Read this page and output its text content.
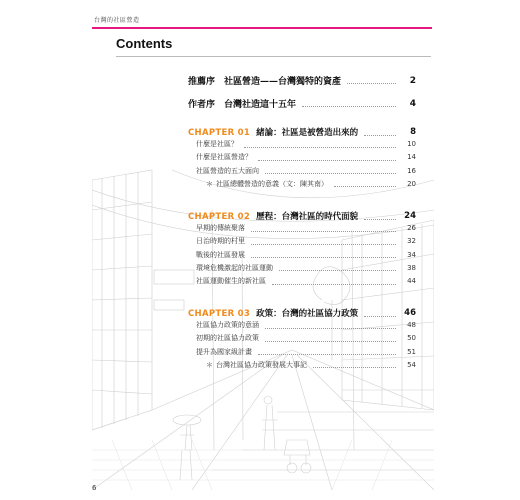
台灣的社區營造
Contents
推薦序　社區營造——台灣獨特的資產	2
作者序　台灣社造這十五年	4
CHAPTER 01 緒論：社區是被營造出來的	8
什麼是社區？	10
什麼是社區營造？	14
社區營造的五大面向	16
＊ 社區總體營造的意義（文：陳其南）	20
CHAPTER 02 歷程：台灣社區的時代面貌	24
早期的傳統聚落	26
日治時期的村里	32
戰後的社區發展	34
環境危機激起的社區運動	38
社區運動催生的新社區	44
CHAPTER 03 政策：台灣的社區協力政策	46
社區協力政策的意涵	48
初期的社區協力政策	50
提升為國家級計畫	51
＊ 台灣社區協力政策發展大事記	54
6
